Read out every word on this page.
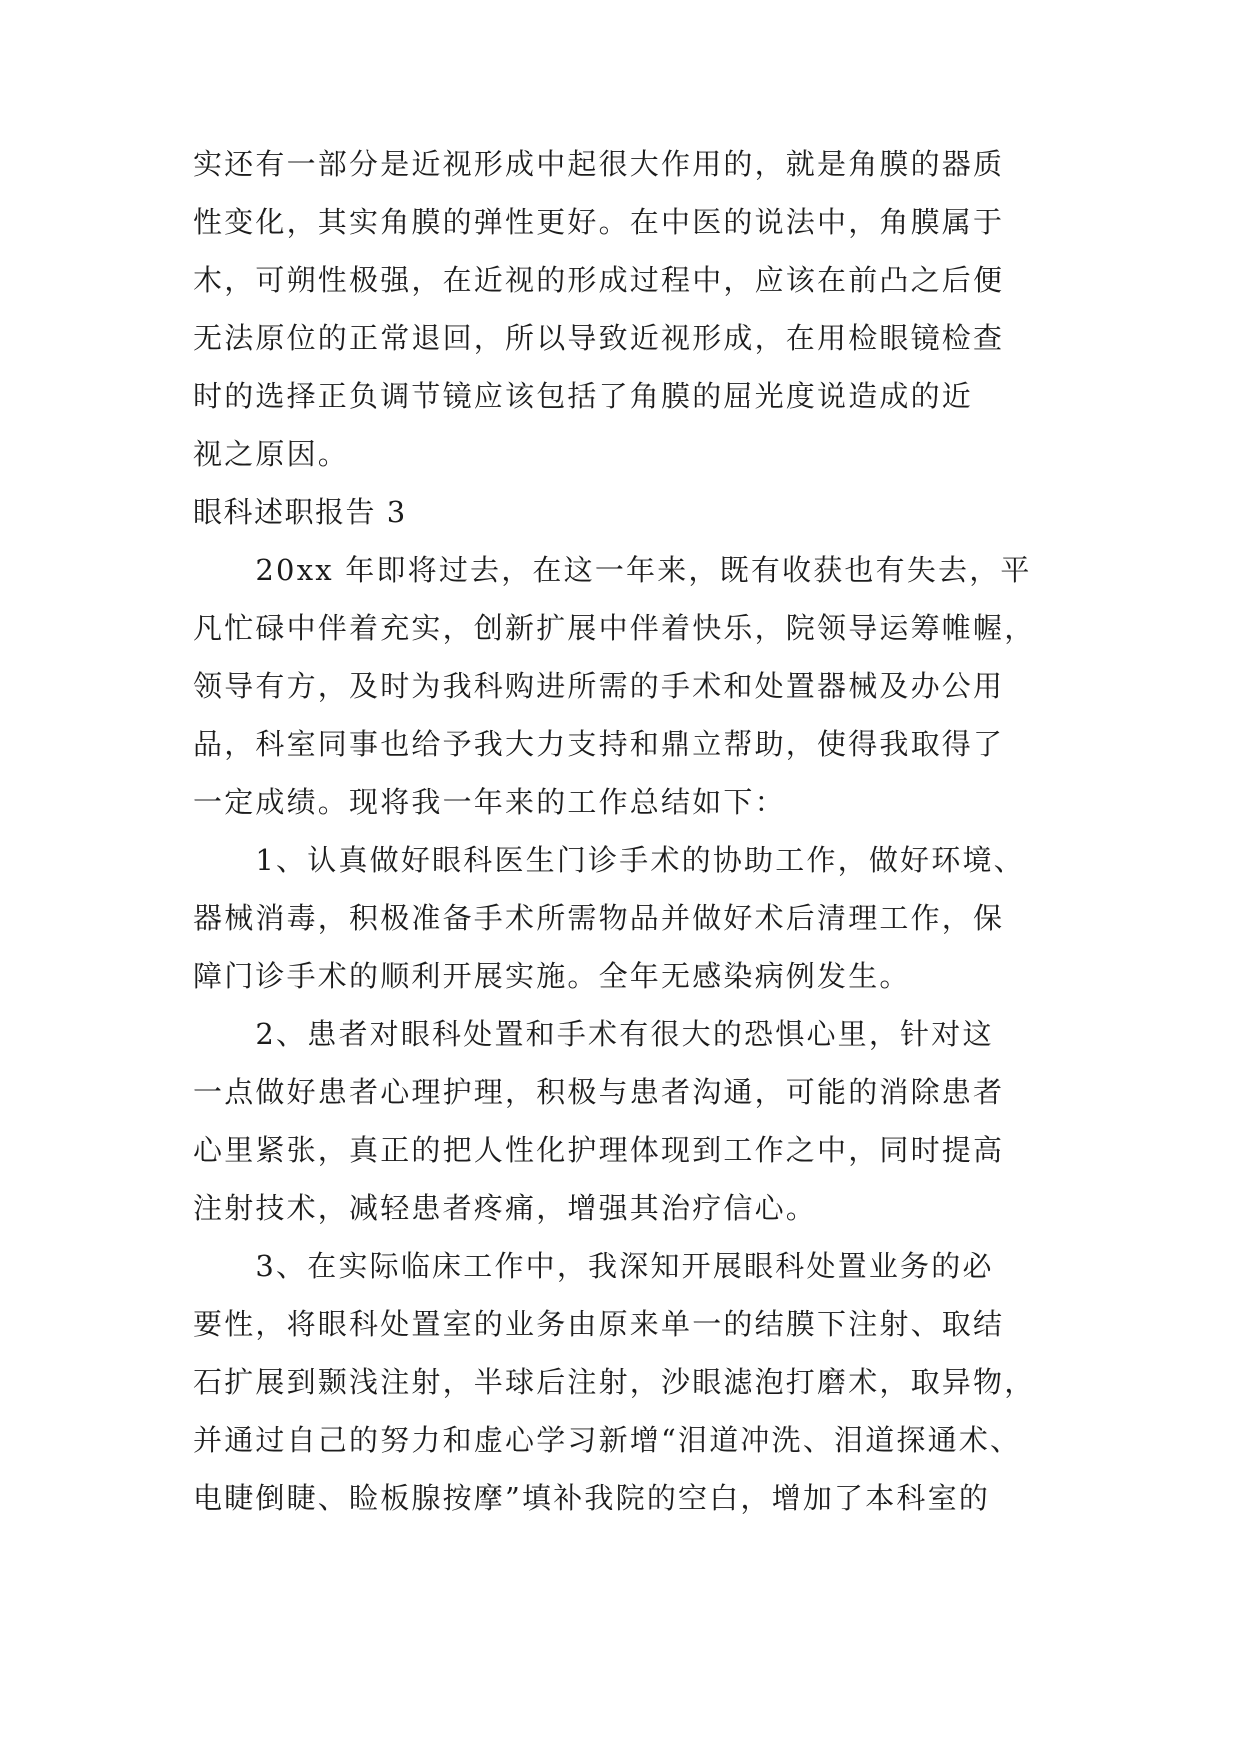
实还有一部分是近视形成中起很大作用的，就是角膜的器质
性变化，其实角膜的弹性更好。在中医的说法中，角膜属于
木，可朔性极强，在近视的形成过程中，应该在前凸之后便
无法原位的正常退回，所以导致近视形成，在用检眼镜检查
时的选择正负调节镜应该包括了角膜的屈光度说造成的近
视之原因。
眼科述职报告 3
　　20xx 年即将过去，在这一年来，既有收获也有失去，平
凡忙碌中伴着充实，创新扩展中伴着快乐，院领导运筹帷幄，
领导有方，及时为我科购进所需的手术和处置器械及办公用
品，科室同事也给予我大力支持和鼎立帮助，使得我取得了
一定成绩。现将我一年来的工作总结如下：
　　1、认真做好眼科医生门诊手术的协助工作，做好环境、
器械消毒，积极准备手术所需物品并做好术后清理工作，保
障门诊手术的顺利开展实施。全年无感染病例发生。
　　2、患者对眼科处置和手术有很大的恐惧心里，针对这
一点做好患者心理护理，积极与患者沟通，可能的消除患者
心里紧张，真正的把人性化护理体现到工作之中，同时提高
注射技术，减轻患者疼痛，增强其治疗信心。
　　3、在实际临床工作中，我深知开展眼科处置业务的必
要性，将眼科处置室的业务由原来单一的结膜下注射、取结
石扩展到颞浅注射，半球后注射，沙眼滤泡打磨术，取异物，
并通过自己的努力和虚心学习新增“泪道冲洗、泪道探通术、
电睫倒睫、睑板腺按摩”填补我院的空白，增加了本科室的
